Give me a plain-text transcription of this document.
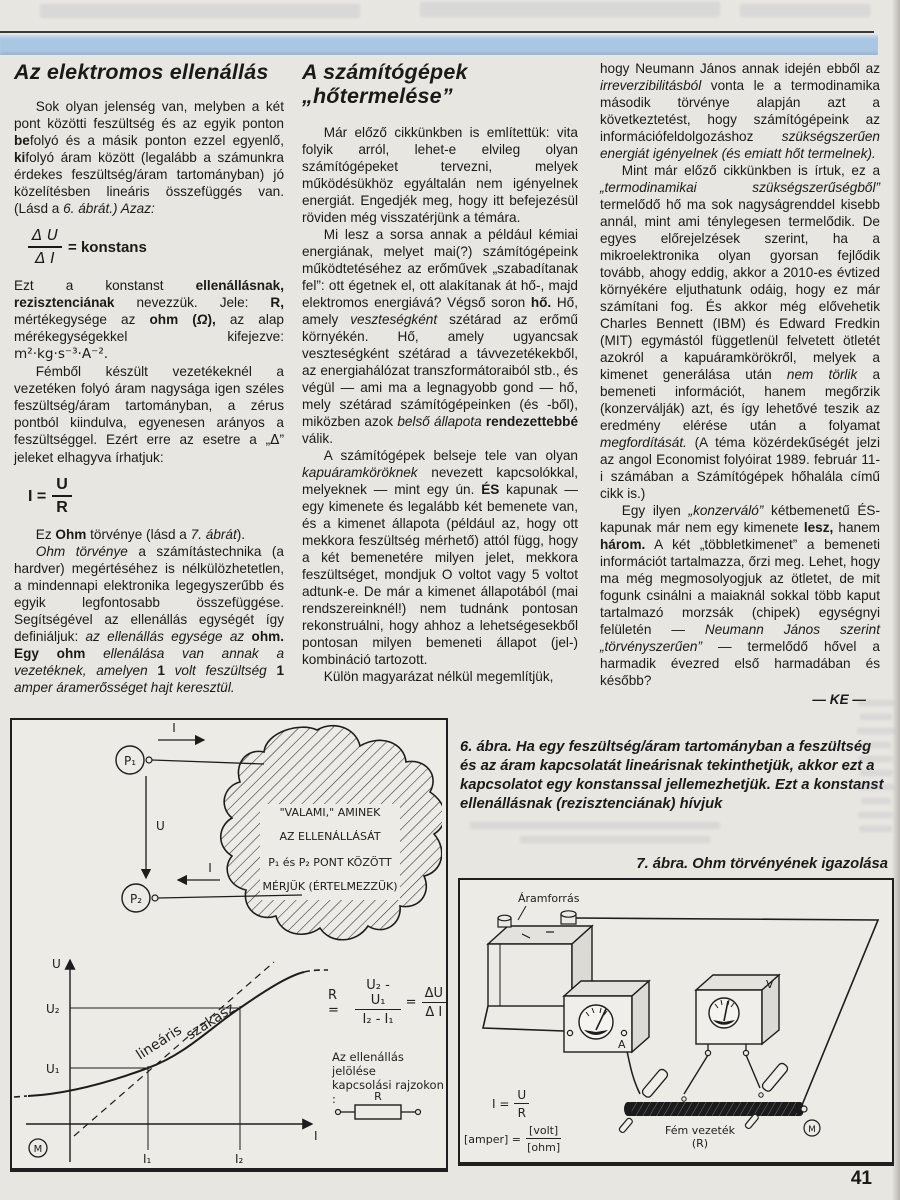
Az elektromos ellenállás

Sok olyan jelenség van, melyben a két pont közötti feszültség és az egyik ponton befolyó és a másik ponton ezzel egyenlő, kifolyó áram között (legalább a számunkra érdekes feszültség/áram tartományban) jó közelítésben lineáris összefüggés van. (Lásd a 6. ábrát.) Azaz:

$\frac{\text{Δ U}}{\text{Δ I}}$ = konstans

Ezt a konstanst ellenállásnak, rezisztenciának nevezzük. Jele: R, mértékegysége az ohm (Ω), az alap mérékegységekkel kifejezve: m²·kg·s⁻³·A⁻².

Fémből készült vezetékeknél a vezetéken folyó áram nagysága igen széles feszültség/áram tartományban, a zérus pontból kiindulva, egyenesen arányos a feszültséggel. Ezért erre az esetre a „Δ” jeleket elhagyva írhatjuk:

$I = \frac{U}{R}$

Ez Ohm törvénye (lásd a 7. ábrát).

Ohm törvénye a számítástechnika (a hardver) megértéséhez is nélkülözhetetlen, a mindennapi elektronika legegyszerűbb és egyik legfontosabb összefüggése. Segítségével az ellenállás egységét így definiáljuk: az ellenállás egysége az ohm. Egy ohm ellenálása van annak a vezetéknek, amelyen 1 volt feszültség 1 amper áramerősséget hajt keresztül.

A számítógépek
„hőtermelése”

Már előző cikkünkben is említettük: vita folyik arról, lehet-e elvileg olyan számítógépeket tervezni, melyek működésükhöz egyáltalán nem igényelnek energiát. Engedjék meg, hogy itt befejezésül röviden még visszatérjünk a témára.

Mi lesz a sorsa annak a például kémiai energiának, melyet mai(?) számítógépeink működtetéséhez az erőművek „szabadítanak fel”: ott égetnek el, ott alakítanak át hő-, majd elektromos energiává? Végső soron hő. Hő, amely veszteségként szétárad az erőmű környékén. Hő, amely ugyancsak veszteségként szétárad a távvezetékekből, az energiahálózat transzformátoraiból stb., és végül — ami ma a legnagyobb gond — hő, mely szétárad számítógépeinken (és -ből), miközben azok belső állapota rendezettebbé válik.

A számítógépek belseje tele van olyan kapuáramköröknek nevezett kapcsolókkal, melyeknek — mint egy ún. ÉS kapunak — egy kimenete és legalább két bemenete van, és a kimenet állapota (például az, hogy ott mekkora feszültség mérhető) attól függ, hogy a két bemenetére milyen jelet, mekkora feszültséget, mondjuk O voltot vagy 5 voltot adtunk-e. De már a kimenet állapotából (mai rendszereinknél!) nem tudnánk pontosan rekonstruálni, hogy ahhoz a lehetségesekből pontosan milyen bemeneti állapot (jel-) kombináció tartozott.

Külön magyarázat nélkül megemlítjük,

hogy Neumann János annak idején ebből az irreverzibilitásból vonta le a termodinamika második törvénye alapján azt a következtetést, hogy számítógépeink az információfeldolgozáshoz szükségszerűen energiát igényelnek (és emiatt hőt termelnek).

Mint már előző cikkünkben is írtuk, ez a „termodinamikai szükségszerűségből” termelődő hő ma sok nagyságrenddel kisebb annál, mint ami ténylegesen termelődik. De egyes előrejelzések szerint, ha a mikroelektronika olyan gyorsan fejlődik tovább, ahogy eddig, akkor a 2010-es évtized környékére eljuthatunk odáig, hogy ez már számítani fog. És akkor még elővehetik Charles Bennett (IBM) és Edward Fredkin (MIT) egymástól függetlenül felvetett ötletét azokról a kapuáramkörökről, melyek a kimenet generálása után nem törlik a bemeneti információt, hanem megőrzik (konzerválják) azt, és így lehetővé teszik az eredmény elérése után a folyamat megfordítását. (A téma közérdekűségét jelzi az angol Economist folyóirat 1989. február 11-i számában a Számítógépek hőhalála című cikk is.)

Egy ilyen „konzerváló” kétbemenetű ÉS-kapunak már nem egy kimenete lesz, hanem három. A két „többletkimenet” a bemeneti információt tartalmazza, őrzi meg. Lehet, hogy ma még megmosolyogjuk az ötletet, de mit fogunk csinálni a maiaknál sokkal több kaput tartalmazó morzsák (chipek) egységnyi felületén — Neumann János szerint „törvényszerűen” — termelődő hővel a harmadik évezred első harmadában és később?

— KE —
"VALAMI," AMINEK
AZ ELLENÁLLÁSÁT
P₁ és P₂ PONT KÖZÖTT
MÉRJÜK (ÉRTELMEZZÜK)
P₁
I
U
P₂
I
U
I
U₂
U₁
I₁	I₂
lineáris
szakasz
M
R
R =	$\frac{\text{U₂ - U₁}}{\text{I₂ - I₁}} = \frac{\Delta U}{\text{Δ I}}$
Az ellenállás jelölése
kapcsolási rajzokon :
6. ábra. Ha egy feszültség/áram tartományban a feszültség és az áram kapcsolatát lineárisnak tekinthetjük, akkor ezt a kapcsolatot egy konstanssal jellemezhetjük. Ezt a konstanst ellenállásnak (rezisztenciának) hívjuk
7. ábra. Ohm törvényének igazolása
Áramforrás
A
V
Fém vezeték
(R)
M
$I = \frac{U}{R}$
[amper] = $\frac{\text{[volt]}}{\text{[ohm]}}$
41
